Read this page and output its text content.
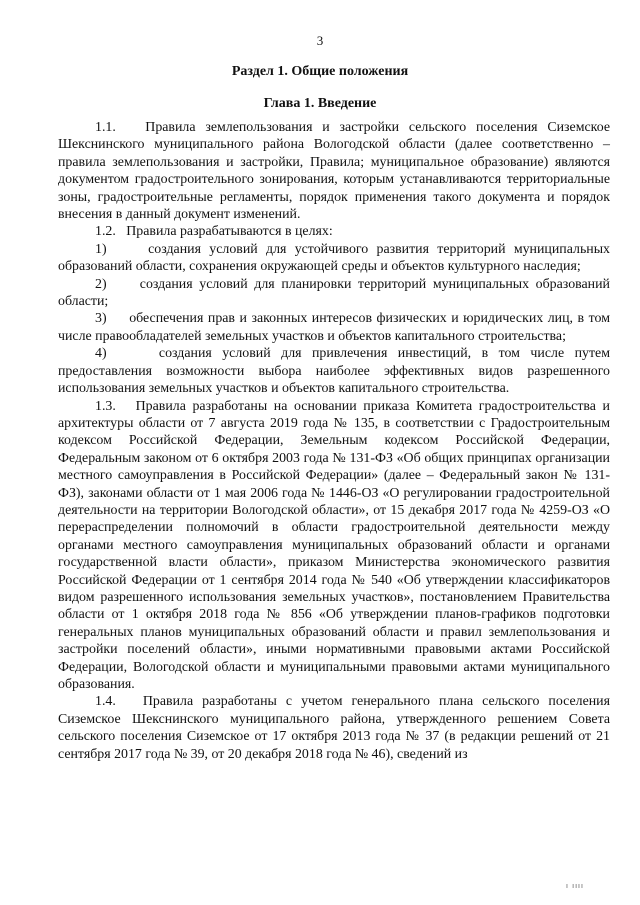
3
Раздел 1. Общие положения
Глава 1. Введение

1.1.   Правила землепользования и застройки сельского поселения Сиземское Шекснинского муниципального района Вологодской области (далее соответственно – правила землепользования и застройки, Правила; муниципальное образование) являются документом градостроительного зонирования, которым устанавливаются территориальные зоны, градостроительные регламенты, порядок применения такого документа и порядок внесения в данный документ изменений.

1.2.   Правила разрабатываются в целях:

1)     создания условий для устойчивого развития территорий муниципальных образований области, сохранения окружающей среды и объектов культурного наследия;

2)     создания условий для планировки территорий муниципальных образований области;

3)     обеспечения прав и законных интересов физических и юридических лиц, в том числе правообладателей земельных участков и объектов капитального строительства;

4)     создания условий для привлечения инвестиций, в том числе путем предоставления возможности выбора наиболее эффективных видов разрешенного использования земельных участков и объектов капитального строительства.

1.3.   Правила разработаны на основании приказа Комитета градостроительства и архитектуры области от 7 августа 2019 года № 135, в соответствии с Градостроительным кодексом Российской Федерации, Земельным кодексом Российской Федерации, Федеральным законом от 6 октября 2003 года № 131-ФЗ «Об общих принципах организации местного самоуправления в Российской Федерации» (далее – Федеральный закон № 131-ФЗ), законами области от 1 мая 2006 года № 1446-ОЗ «О регулировании градостроительной деятельности на территории Вологодской области», от 15 декабря 2017 года № 4259-ОЗ «О перераспределении полномочий в области градостроительной деятельности между органами местного самоуправления муниципальных образований области и органами государственной власти области», приказом Министерства экономического развития Российской Федерации от 1 сентября 2014 года № 540 «Об утверждении классификаторов видом разрешенного использования земельных участков», постановлением Правительства области от 1 октября 2018 года № 856 «Об утверждении планов-графиков подготовки генеральных планов муниципальных образований области и правил землепользования и застройки поселений области», иными нормативными правовыми актами Российской Федерации, Вологодской области и муниципальными правовыми актами муниципального образования.

1.4.   Правила разработаны с учетом генерального плана сельского поселения Сиземское Шекснинского муниципального района, утвержденного решением Совета сельского поселения Сиземское от 17 октября 2013 года № 37 (в редакции решений от 21 сентября 2017 года № 39, от 20 декабря 2018 года № 46), сведений из

ı ıııı
